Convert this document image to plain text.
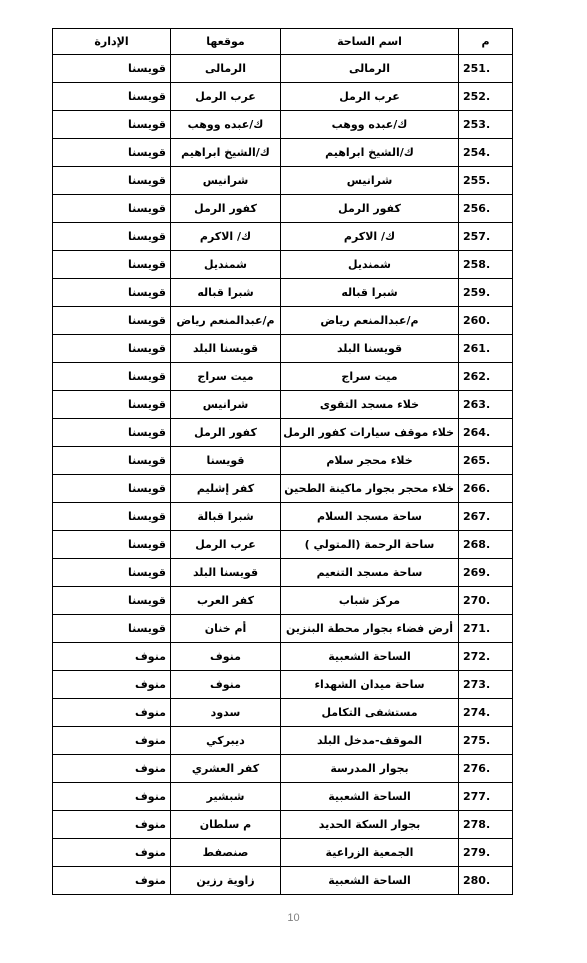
م	اسم الساحة	موقعها	الإدارة
251.	الرمالى	الرمالى	قويسنا
252.	عرب الرمل	عرب الرمل	قويسنا
253.	ك/عبده ووهب	ك/عبده ووهب	قويسنا
254.	ك/الشيخ ابراهيم	ك/الشيخ ابراهيم	قويسنا
255.	شرانيس	شرانيس	قويسنا
256.	كفور الرمل	كفور الرمل	قويسنا
257.	ك/ الاكرم	ك/ الاكرم	قويسنا
258.	شمنديل	شمنديل	قويسنا
259.	شبرا قباله	شبرا قباله	قويسنا
260.	م/عبدالمنعم رياض	م/عبدالمنعم رياض	قويسنا
261.	قويسنا البلد	قويسنا البلد	قويسنا
262.	ميت سراج	ميت سراج	قويسنا
263.	خلاء مسجد التقوى	شرانيس	قويسنا
264.	خلاء موقف سيارات كفور الرمل	كفور الرمل	قويسنا
265.	خلاء محجر سلام	قويسنا	قويسنا
266.	خلاء محجر بجوار ماكينة الطحين	كفر إشليم	قويسنا
267.	ساحة مسجد السلام	شبرا قبالة	قويسنا
268.	ساحة الرحمة (المتولي )	عرب الرمل	قويسنا
269.	ساحة مسجد التنعيم	قويسنا البلد	قويسنا
270.	مركز شباب	كفر العرب	قويسنا
271.	أرض فضاء بجوار محطة البنزين	أم خنان	قويسنا
272.	الساحة الشعبية	منوف	منوف
273.	ساحة ميدان الشهداء	منوف	منوف
274.	مستشفى التكامل	سدود	منوف
275.	الموقف-مدخل البلد	ديبركي	منوف
276.	بجوار المدرسة	كفر العشري	منوف
277.	الساحة الشعبية	شبشير	منوف
278.	بجوار السكة الحديد	م سلطان	منوف
279.	الجمعية الزراعية	صنصفط	منوف
280.	الساحة الشعبية	زاوية رزين	منوف
10
